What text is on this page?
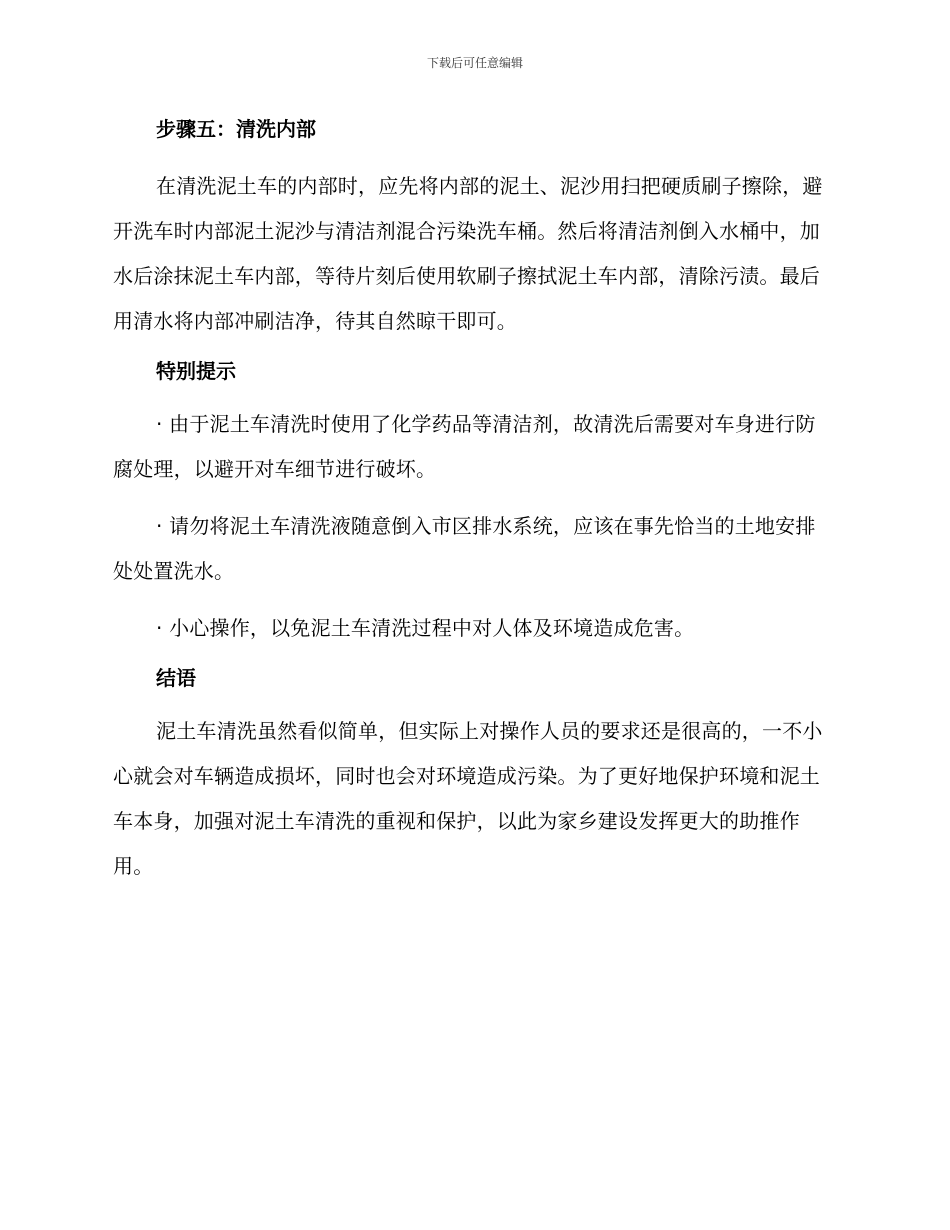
下载后可任意编辑
步骤五：清洗内部

在清洗泥土车的内部时，应先将内部的泥土、泥沙用扫把硬质刷子擦除，避开洗车时内部泥土泥沙与清洁剂混合污染洗车桶。然后将清洁剂倒入水桶中，加水后涂抹泥土车内部，等待片刻后使用软刷子擦拭泥土车内部，清除污渍。最后用清水将内部冲刷洁净，待其自然晾干即可。

特别提示

· 由于泥土车清洗时使用了化学药品等清洁剂，故清洗后需要对车身进行防腐处理，以避开对车细节进行破坏。

· 请勿将泥土车清洗液随意倒入市区排水系统，应该在事先恰当的土地安排处处置洗水。

· 小心操作，以免泥土车清洗过程中对人体及环境造成危害。

结语

泥土车清洗虽然看似简单，但实际上对操作人员的要求还是很高的，一不小心就会对车辆造成损坏，同时也会对环境造成污染。为了更好地保护环境和泥土车本身，加强对泥土车清洗的重视和保护，以此为家乡建设发挥更大的助推作用。
